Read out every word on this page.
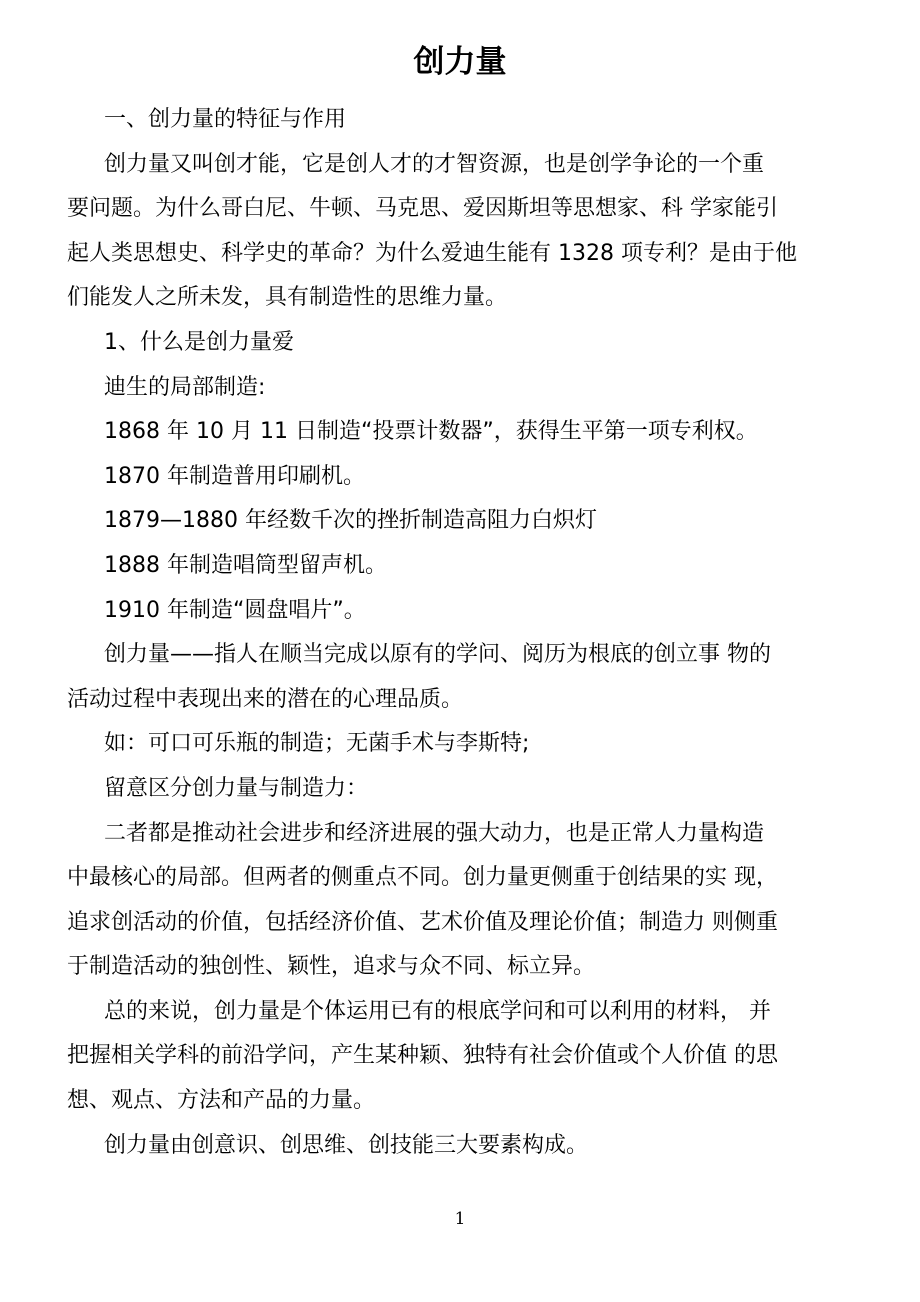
创力量
一、创力量的特征与作用
创力量又叫创才能，它是创人才的才智资源，也是创学争论的一个重
要问题。为什么哥白尼、牛顿、马克思、爱因斯坦等思想家、科 学家能引
起人类思想史、科学史的革命？为什么爱迪生能有 1328 项专利？是由于他
们能发人之所未发，具有制造性的思维力量。
1、什么是创力量爱
迪生的局部制造:
1868 年 10 月 11 日制造“投票计数器”，获得生平第一项专利权。
1870 年制造普用印刷机。
1879—1880 年经数千次的挫折制造高阻力白炽灯
1888 年制造唱筒型留声机。
1910 年制造“圆盘唱片”。
创力量——指人在顺当完成以原有的学问、阅历为根底的创立事 物的
活动过程中表现出来的潜在的心理品质。
如：可口可乐瓶的制造；无菌手术与李斯特;
留意区分创力量与制造力：
二者都是推动社会进步和经济进展的强大动力，也是正常人力量构造
中最核心的局部。但两者的侧重点不同。创力量更侧重于创结果的实 现，
追求创活动的价值，包括经济价值、艺术价值及理论价值；制造力 则侧重
于制造活动的独创性、颖性，追求与众不同、标立异。
总的来说，创力量是个体运用已有的根底学问和可以利用的材料， 并
把握相关学科的前沿学问，产生某种颖、独特有社会价值或个人价值 的思
想、观点、方法和产品的力量。
创力量由创意识、创思维、创技能三大要素构成。
1
